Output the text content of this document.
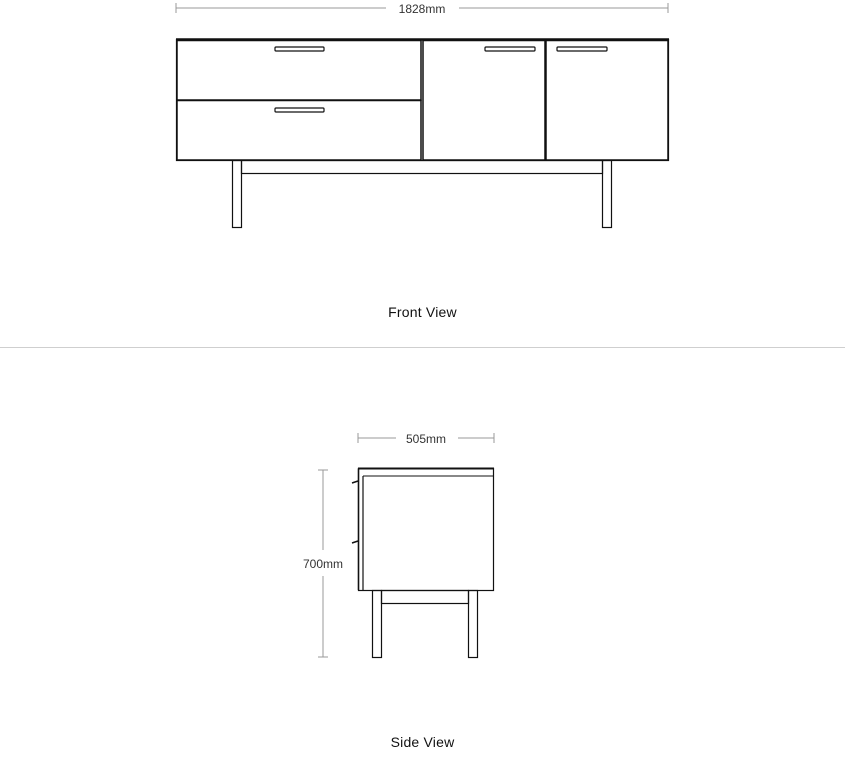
1828mm
Front View
505mm
700mm
Side View
